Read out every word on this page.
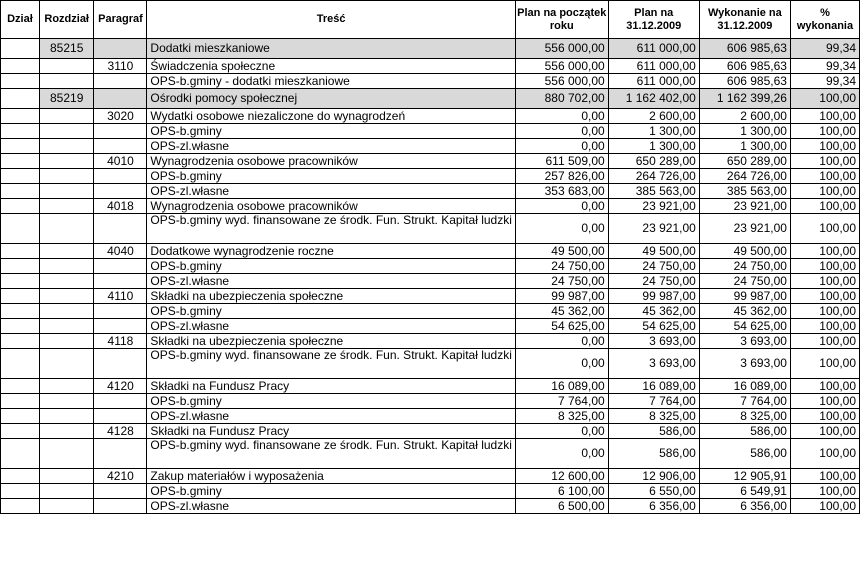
Dział	Rozdział	Paragraf	Treść	Plan na początek roku	Plan na 31.12.2009	Wykonanie na 31.12.2009	% wykonania
	85215		Dodatki mieszkaniowe	556 000,00	611 000,00	606 985,63	99,34
		3110	Świadczenia społeczne	556 000,00	611 000,00	606 985,63	99,34
			OPS-b.gminy - dodatki mieszkaniowe	556 000,00	611 000,00	606 985,63	99,34
	85219		Ośrodki pomocy społecznej	880 702,00	1 162 402,00	1 162 399,26	100,00
		3020	Wydatki osobowe niezaliczone do wynagrodzeń	0,00	2 600,00	2 600,00	100,00
			OPS-b.gminy	0,00	1 300,00	1 300,00	100,00
			OPS-zl.własne	0,00	1 300,00	1 300,00	100,00
		4010	Wynagrodzenia osobowe pracowników	611 509,00	650 289,00	650 289,00	100,00
			OPS-b.gminy	257 826,00	264 726,00	264 726,00	100,00
			OPS-zl.własne	353 683,00	385 563,00	385 563,00	100,00
		4018	Wynagrodzenia osobowe pracowników	0,00	23 921,00	23 921,00	100,00
			OPS-b.gminy wyd. finansowane ze środk. Fun. Strukt. Kapitał ludzki	0,00	23 921,00	23 921,00	100,00
		4040	Dodatkowe wynagrodzenie roczne	49 500,00	49 500,00	49 500,00	100,00
			OPS-b.gminy	24 750,00	24 750,00	24 750,00	100,00
			OPS-zl.własne	24 750,00	24 750,00	24 750,00	100,00
		4110	Składki na ubezpieczenia społeczne	99 987,00	99 987,00	99 987,00	100,00
			OPS-b.gminy	45 362,00	45 362,00	45 362,00	100,00
			OPS-zl.własne	54 625,00	54 625,00	54 625,00	100,00
		4118	Składki na ubezpieczenia społeczne	0,00	3 693,00	3 693,00	100,00
			OPS-b.gminy wyd. finansowane ze środk. Fun. Strukt. Kapitał ludzki	0,00	3 693,00	3 693,00	100,00
		4120	Składki na Fundusz Pracy	16 089,00	16 089,00	16 089,00	100,00
			OPS-b.gminy	7 764,00	7 764,00	7 764,00	100,00
			OPS-zl.własne	8 325,00	8 325,00	8 325,00	100,00
		4128	Składki na Fundusz Pracy	0,00	586,00	586,00	100,00
			OPS-b.gminy wyd. finansowane ze środk. Fun. Strukt. Kapitał ludzki	0,00	586,00	586,00	100,00
		4210	Zakup materiałów i wyposażenia	12 600,00	12 906,00	12 905,91	100,00
			OPS-b.gminy	6 100,00	6 550,00	6 549,91	100,00
			OPS-zl.własne	6 500,00	6 356,00	6 356,00	100,00
